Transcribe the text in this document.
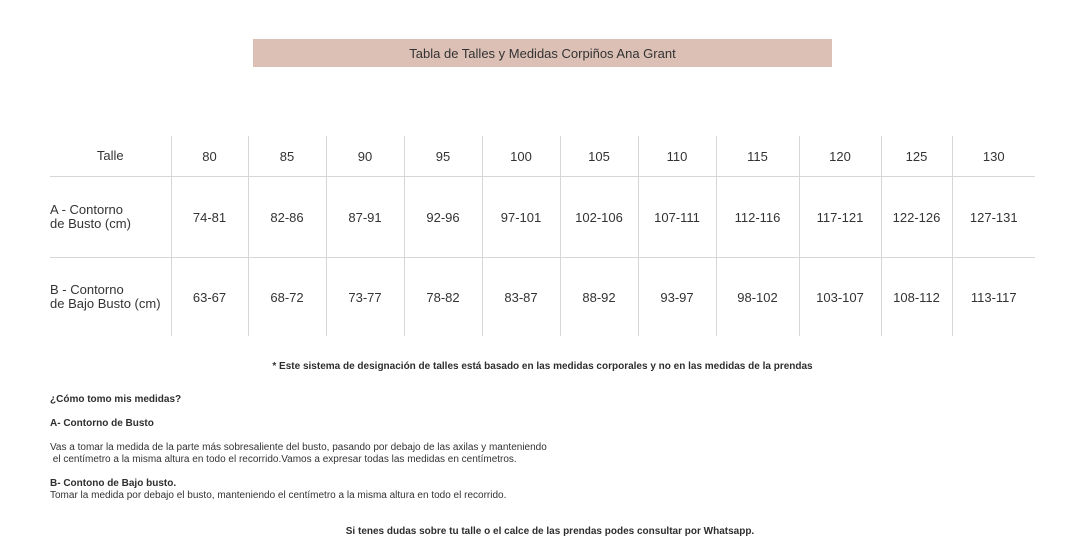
Tabla de Talles y Medidas Corpiños Ana Grant
Talle	80	85	90	95	100	105	110	115	120	125	130
A - Contorno
de Busto (cm)	74-81	82-86	87-91	92-96	97-101	102-106	107-111	112-116	117-121	122-126	127-131
B - Contorno
de Bajo Busto (cm)	63-67	68-72	73-77	78-82	83-87	88-92	93-97	98-102	103-107	108-112	113-117
* Este sistema de designación de talles está basado en las medidas corporales y no en las medidas de la prendas
¿Cómo tomo mis medidas?
A- Contorno de Busto
Vas a tomar la medida de la parte más sobresaliente del busto, pasando por debajo de las axilas y manteniendo
el centímetro a la misma altura en todo el recorrido.Vamos a expresar todas las medidas en centímetros.
B- Contono de Bajo busto.
Tomar la medida por debajo el busto, manteniendo el centímetro a la misma altura en todo el recorrido.
Si tenes dudas sobre tu talle o el calce de las prendas podes consultar por Whatsapp.
